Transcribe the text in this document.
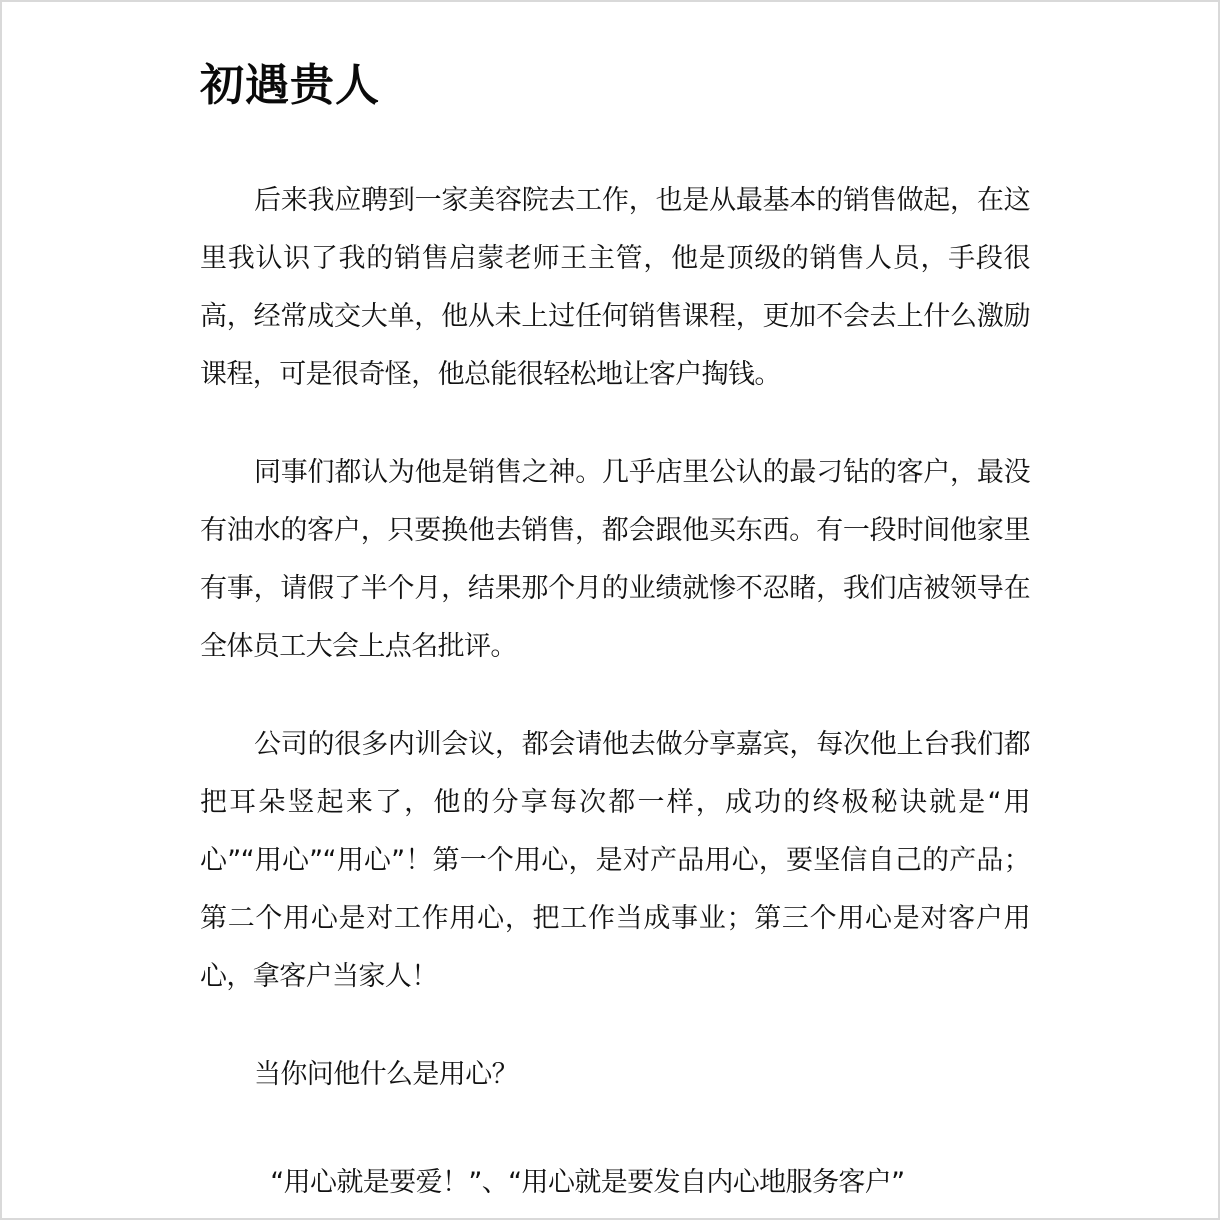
初遇贵人

后来我应聘到一家美容院去工作，也是从最基本的销售做起，在这里我认识了我的销售启蒙老师王主管，他是顶级的销售人员，手段很高，经常成交大单，他从未上过任何销售课程，更加不会去上什么激励课程，可是很奇怪，他总能很轻松地让客户掏钱。

同事们都认为他是销售之神。几乎店里公认的最刁钻的客户，最没有油水的客户，只要换他去销售，都会跟他买东西。有一段时间他家里有事，请假了半个月，结果那个月的业绩就惨不忍睹，我们店被领导在全体员工大会上点名批评。

公司的很多内训会议，都会请他去做分享嘉宾，每次他上台我们都把耳朵竖起来了，他的分享每次都一样，成功的终极秘诀就是“用心”“用心”“用心”！第一个用心，是对产品用心，要坚信自己的产品；第二个用心是对工作用心，把工作当成事业；第三个用心是对客户用心，拿客户当家人！

当你问他什么是用心？

“用心就是要爱！”、“用心就是要发自内心地服务客户”
